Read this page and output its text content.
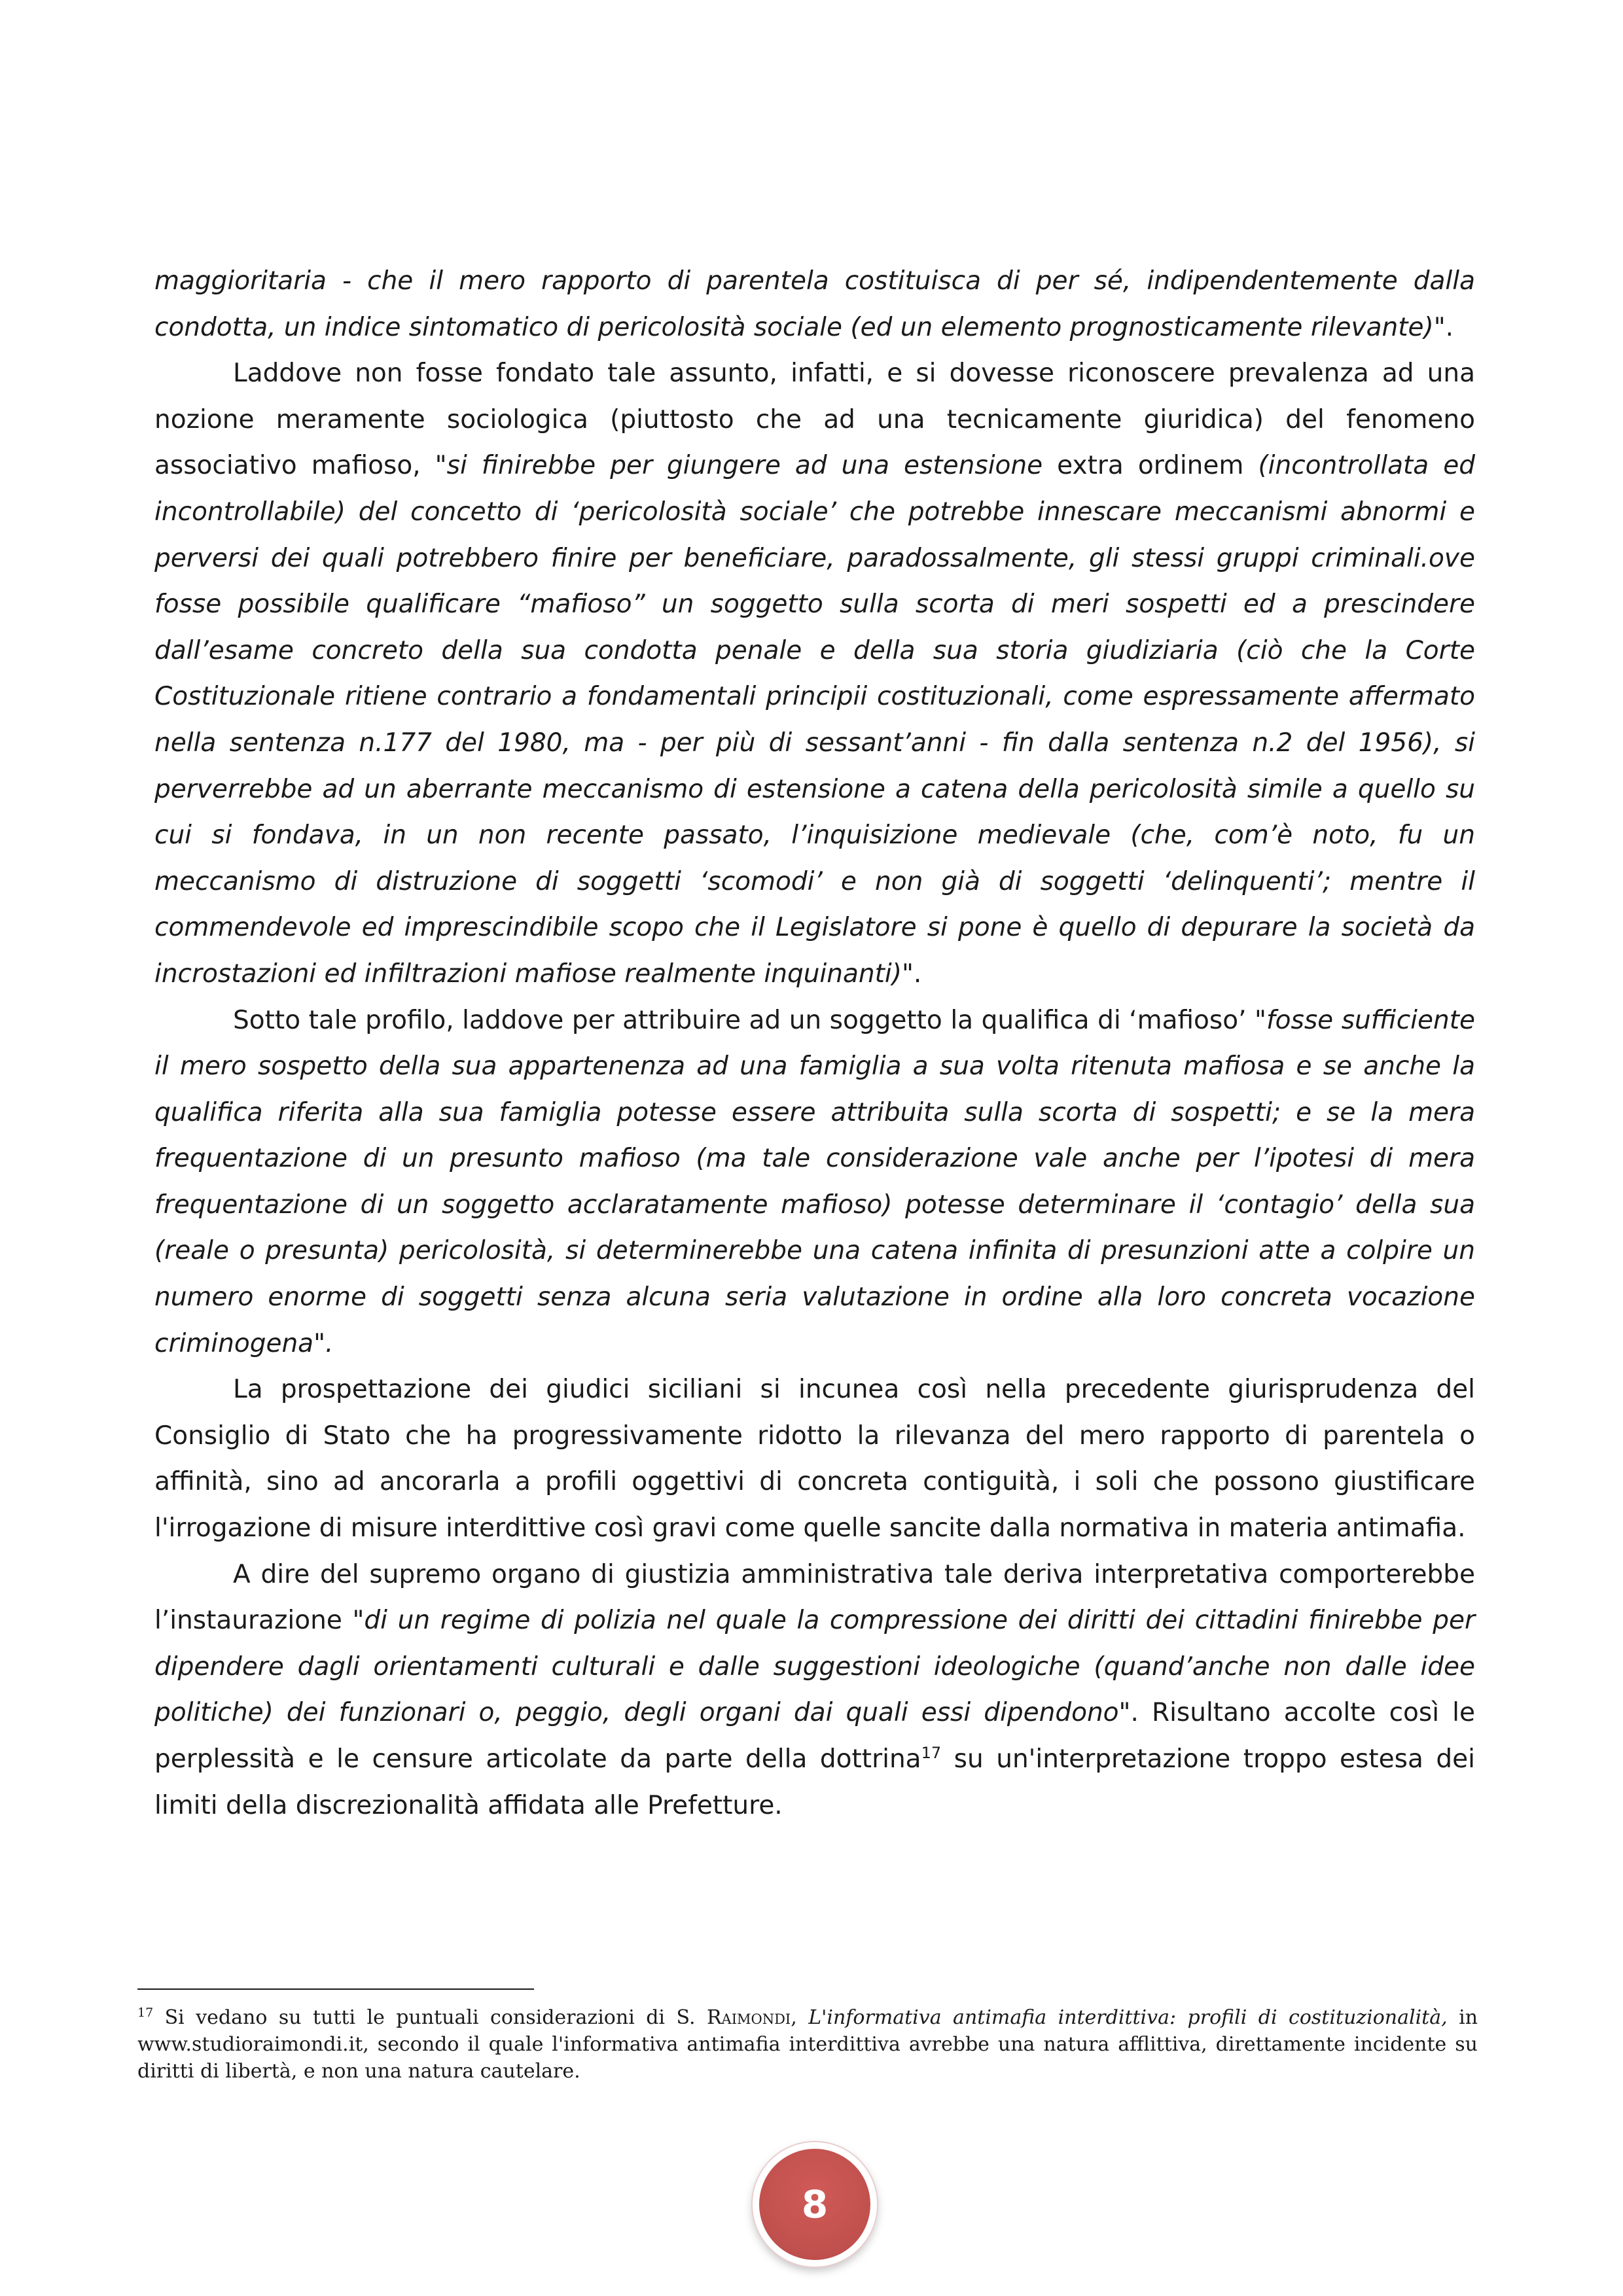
maggioritaria - che il mero rapporto di parentela costituisca di per sé, indipendentemente dalla condotta, un indice sintomatico di pericolosità sociale (ed un elemento prognosticamente rilevante)".

Laddove non fosse fondato tale assunto, infatti, e si dovesse riconoscere prevalenza ad una nozione meramente sociologica (piuttosto che ad una tecnicamente giuridica) del fenomeno associativo mafioso, "si finirebbe per giungere ad una estensione extra ordinem (incontrollata ed incontrollabile) del concetto di ‘pericolosità sociale’ che potrebbe innescare meccanismi abnormi e perversi dei quali potrebbero finire per beneficiare, paradossalmente, gli stessi gruppi criminali.ove fosse possibile qualificare “mafioso” un soggetto sulla scorta di meri sospetti ed a prescindere dall’esame concreto della sua condotta penale e della sua storia giudiziaria (ciò che la Corte Costituzionale ritiene contrario a fondamentali principii costituzionali, come espressamente affermato nella sentenza n.177 del 1980, ma - per più di sessant’anni - fin dalla sentenza n.2 del 1956), si perverrebbe ad un aberrante meccanismo di estensione a catena della pericolosità simile a quello su cui si fondava, in un non recente passato, l’inquisizione medievale (che, com’è noto, fu un meccanismo di distruzione di soggetti ‘scomodi’ e non già di soggetti ‘delinquenti’; mentre il commendevole ed imprescindibile scopo che il Legislatore si pone è quello di depurare la società da incrostazioni ed infiltrazioni mafiose realmente inquinanti)".

Sotto tale profilo, laddove per attribuire ad un soggetto la qualifica di ‘mafioso’ "fosse sufficiente il mero sospetto della sua appartenenza ad una famiglia a sua volta ritenuta mafiosa e se anche la qualifica riferita alla sua famiglia potesse essere attribuita sulla scorta di sospetti; e se la mera frequentazione di un presunto mafioso (ma tale considerazione vale anche per l’ipotesi di mera frequentazione di un soggetto acclaratamente mafioso) potesse determinare il ‘contagio’ della sua (reale o presunta) pericolosità, si determinerebbe una catena infinita di presunzioni atte a colpire un numero enorme di soggetti senza alcuna seria valutazione in ordine alla loro concreta vocazione criminogena".

La prospettazione dei giudici siciliani si incunea così nella precedente giurisprudenza del Consiglio di Stato che ha progressivamente ridotto la rilevanza del mero rapporto di parentela o affinità, sino ad ancorarla a profili oggettivi di concreta contiguità, i soli che possono giustificare l'irrogazione di misure interdittive così gravi come quelle sancite dalla normativa in materia antimafia.

A dire del supremo organo di giustizia amministrativa tale deriva interpretativa comporterebbe l’instaurazione "di un regime di polizia nel quale la compressione dei diritti dei cittadini finirebbe per dipendere dagli orientamenti culturali e dalle suggestioni ideologiche (quand’anche non dalle idee politiche) dei funzionari o, peggio, degli organi dai quali essi dipendono". Risultano accolte così le perplessità e le censure articolate da parte della dottrina$^{17}$ su un'interpretazione troppo estesa dei limiti della discrezionalità affidata alle Prefetture.

$^{17}$ Si vedano su tutti le puntuali considerazioni di S. Raimondi, L'informativa antimafia interdittiva: profili di costituzionalità, in www.studioraimondi.it, secondo il quale l'informativa antimafia interdittiva avrebbe una natura afflittiva, direttamente incidente su diritti di libertà, e non una natura cautelare.
8
